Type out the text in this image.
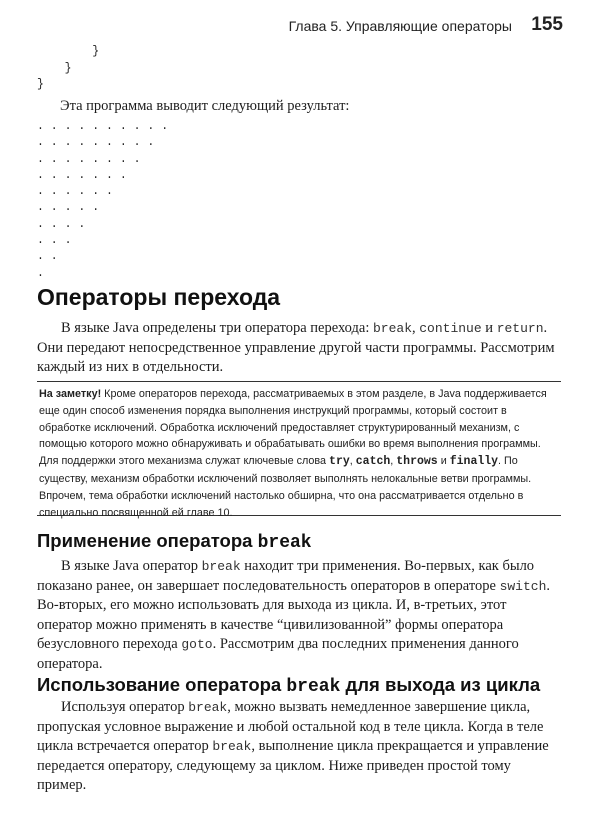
Глава 5. Управляющие операторы 155
}
}
}

Эта программа выводит следующий результат:

. . . . . . . . . .
. . . . . . . . .
. . . . . . . .
. . . . . . .
. . . . . .
. . . . .
. . . .
. . .
. .
.
Операторы перехода

В языке Java определены три оператора перехода: break, continue и return. Они передают непосредственное управление другой части программы. Рассмотрим каждый из них в отдельности.

На заметку! Кроме операторов перехода, рассматриваемых в этом разделе, в Java поддерживается еще один способ изменения порядка выполнения инструкций программы, который состоит в обработке исключений. Обработка исключений предоставляет структурированный механизм, с помощью которого можно обнаруживать и обрабатывать ошибки во время выполнения программы. Для поддержки этого механизма служат ключевые слова try, catch, throws и finally. По существу, механизм обработки исключений позволяет выполнять нелокальные ветви программы. Впрочем, тема обработки исключений настолько обширна, что она рассматривается отдельно в специально посвященной ей главе 10.

Применение оператора break

В языке Java оператор break находит три применения. Во-первых, как было показано ранее, он завершает последовательность операторов в операторе switch. Во-вторых, его можно использовать для выхода из цикла. И, в-третьих, этот оператор можно применять в качестве “цивилизованной” формы оператора безусловного перехода goto. Рассмотрим два последних применения данного оператора.

Использование оператора break для выхода из цикла

Используя оператор break, можно вызвать немедленное завершение цикла, пропуская условное выражение и любой остальной код в теле цикла. Когда в теле цикла встречается оператор break, выполнение цикла прекращается и управление передается оператору, следующему за циклом. Ниже приведен простой тому пример.
